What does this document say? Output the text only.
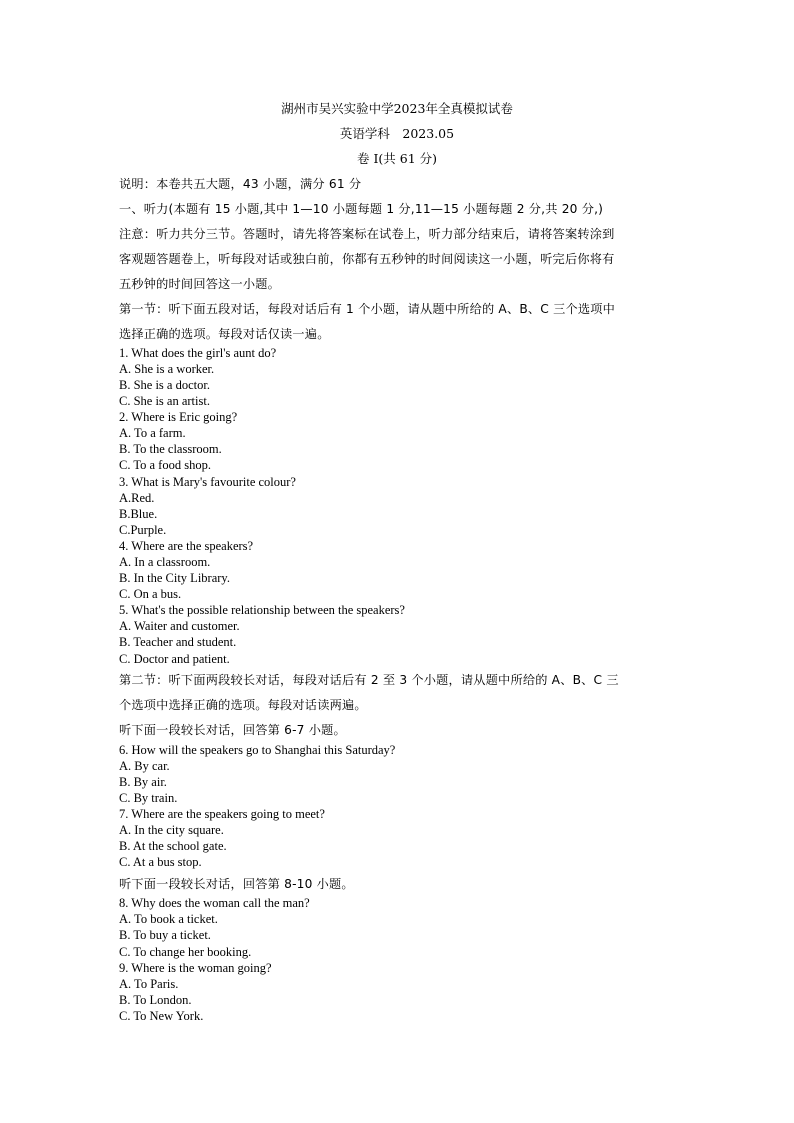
湖州市吴兴实验中学2023年全真模拟试卷
英语学科　2023.05
卷 I(共 61 分)
说明：本卷共五大题，43 小题，满分 61 分
一、听力(本题有 15 小题,其中 1—10 小题每题 1 分,11—15 小题每题 2 分,共 20 分,)
注意：听力共分三节。答题时，请先将答案标在试卷上，听力部分结束后，请将答案转涂到
客观题答题卷上，听每段对话或独白前，你都有五秒钟的时间阅读这一小题，听完后你将有
五秒钟的时间回答这一小题。
第一节：听下面五段对话，每段对话后有 1 个小题，请从题中所给的 A、B、C 三个选项中
选择正确的选项。每段对话仅读一遍。
1. What does the girl's aunt do?
A. She is a worker.
B. She is a doctor.
C. She is an artist.
2. Where is Eric going?
A. To a farm.
B. To the classroom.
C. To a food shop.
3. What is Mary's favourite colour?
A.Red.
B.Blue.
C.Purple.
4. Where are the speakers?
A. In a classroom.
B. In the City Library.
C. On a bus.
5. What's the possible relationship between the speakers?
A. Waiter and customer.
B. Teacher and student.
C. Doctor and patient.
第二节：听下面两段较长对话，每段对话后有 2 至 3 个小题，请从题中所给的 A、B、C 三
个选项中选择正确的选项。每段对话读两遍。
听下面一段较长对话，回答第 6-7 小题。
6. How will the speakers go to Shanghai this Saturday?
A. By car.
B. By air.
C. By train.
7. Where are the speakers going to meet?
A. In the city square.
B. At the school gate.
C. At a bus stop.
听下面一段较长对话，回答第 8-10 小题。
8. Why does the woman call the man?
A. To book a ticket.
B. To buy a ticket.
C. To change her booking.
9. Where is the woman going?
A. To Paris.
B. To London.
C. To New York.
